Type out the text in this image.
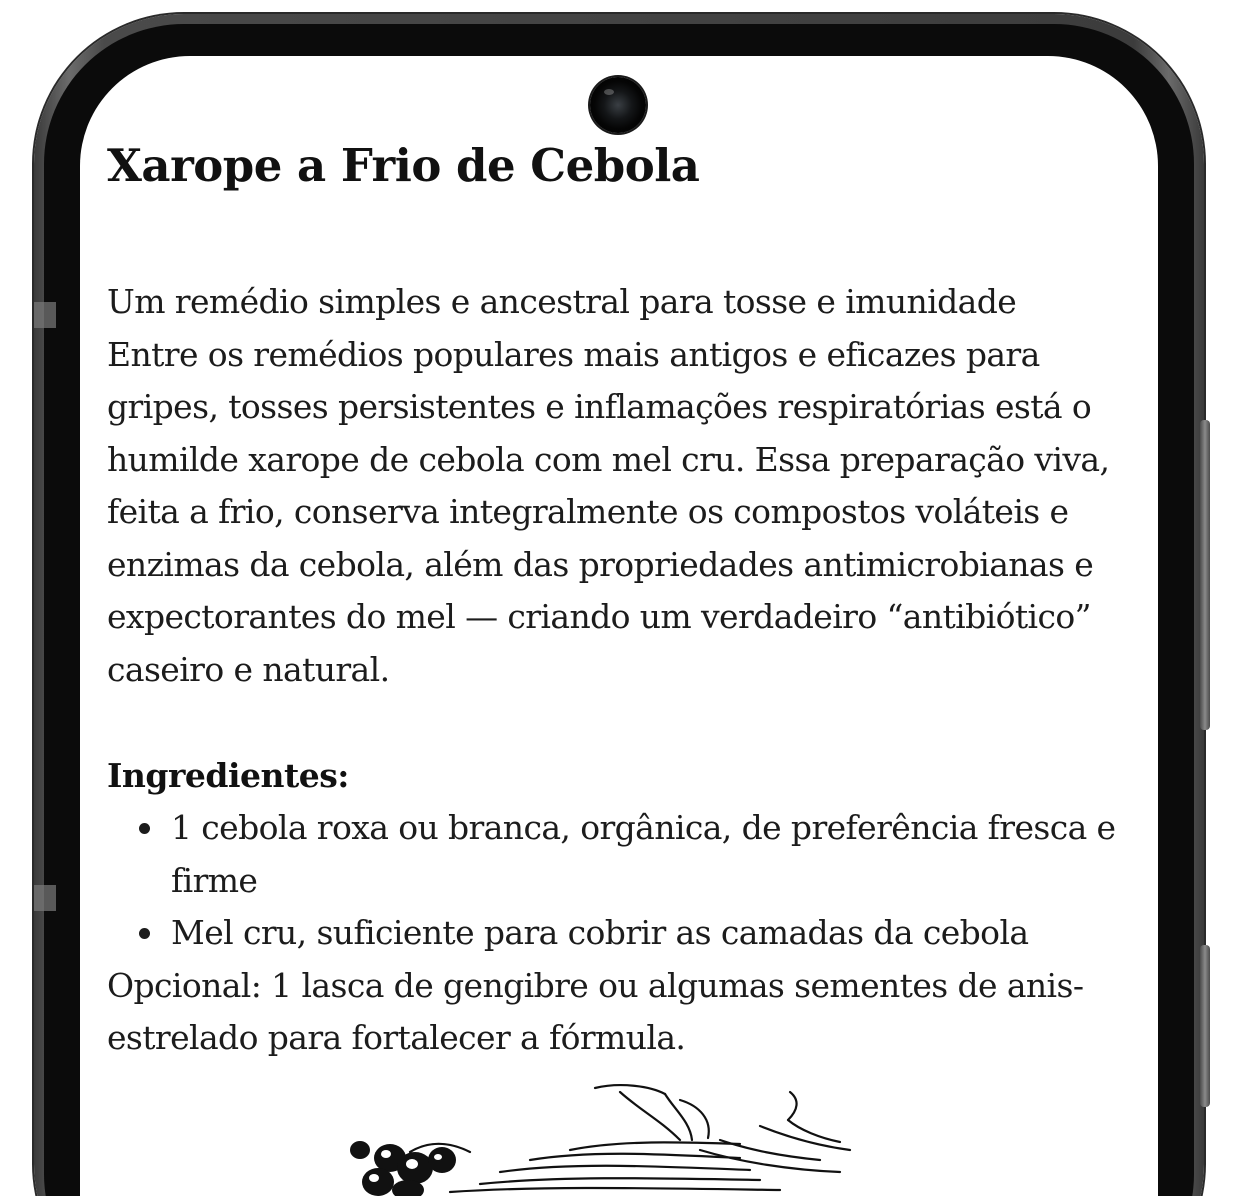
Xarope a Frio de Cebola

Um remédio simples e ancestral para tosse e imunidade
Entre os remédios populares mais antigos e eficazes para
gripes, tosses persistentes e inflamações respiratórias está o
humilde xarope de cebola com mel cru. Essa preparação viva,
feita a frio, conserva integralmente os compostos voláteis e
enzimas da cebola, além das propriedades antimicrobianas e
expectorantes do mel — criando um verdadeiro “antibiótico”
caseiro e natural.

Ingredientes:
1 cebola roxa ou branca, orgânica, de preferência fresca e
firme
Mel cru, suficiente para cobrir as camadas da cebola

Opcional: 1 lasca de gengibre ou algumas sementes de anis-
estrelado para fortalecer a fórmula.
